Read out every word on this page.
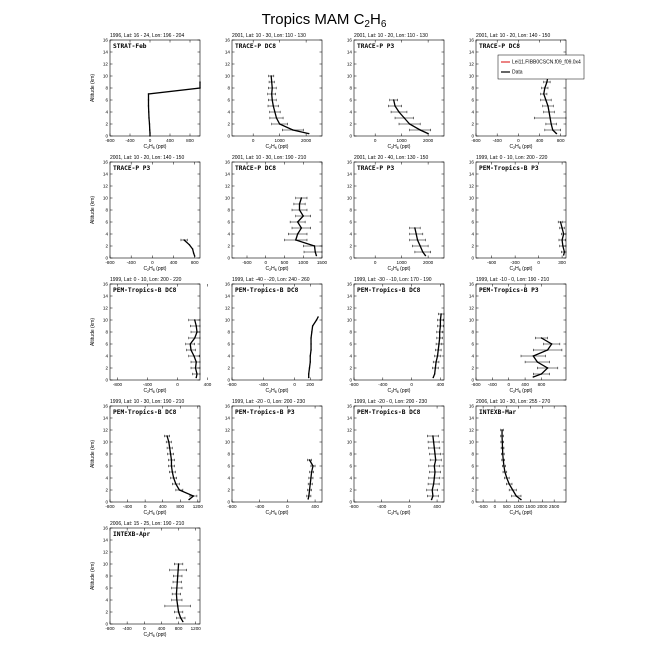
Tropics MAM $C_2H_6$
1996, Lat: 16 - 24, Lon: 196 - 204
STRAT-Feb
0
2
4
6
8
10
12
14
16
-800 -400	0	400	800
$C_2H_6$ (ppt)
Altitude (km)
2001, Lat: 10 - 30, Lon: 110 - 130
TRACE-P DC8
0
2
4
6
8
10
12
14
16
0	1000	2000
$C_2H_6$ (ppt)
2001, Lat: 10 - 20, Lon: 110 - 130
TRACE-P P3
0
2
4
6
8
10
12
14
16
0	1000	2000
$C_2H_6$ (ppt)
2001, Lat: 10 - 20, Lon: 140 - 150
TRACE-P DC8
0
2
4
6
8
10
12
14
16
-800	-400	0	400	800
$C_2H_6$ (ppt)
Lei11.FIBB0CSCN.f09_f09.0x4
Data
2001, Lat: 10 - 20, Lon: 140 - 150
TRACE-P P3
0
2
4
6
8
10
12
14
16
-800	-400	0	400	800
$C_2H_6$ (ppt)
Altitude (km)
2001, Lat: 10 - 30, Lon: 190 - 210
TRACE-P DC8
0
2
4
6
8
10
12
14
16
-500	0	500 1000 1500
$C_2H_6$ (ppt)
2001, Lat: 20 - 40, Lon: 130 - 150
TRACE-P P3
0
2
4
6
8
10
12
14
16
0	1000	2000
$C_2H_6$ (ppt)
1999, Lat: 0 - 10, Lon: 200 - 220
PEM-Tropics-B P3
0
2
4
6
8
10
12
14
16
-600	-300	0	300
$C_2H_6$ (ppt)
1999, Lat: 0 - 10, Lon: 200 - 220
PEM-Tropics-B DC8
0
2
4
6
8
10
12
14
16
-800	-400	0	400
$C_2H_6$ (ppt)
Altitude (km)
1999, Lat: -40 - -20, Lon: 240 - 260
PEM-Tropics-B DC8
0
2
4
6
8
10
12
14
16
-800	-400	0 200
$C_2H_6$ (ppt)
1999, Lat: -30 - -10, Lon: 170 - 190
PEM-Tropics-B DC8
0
2
4
6
8
10
12
14
16
-800	-400	0	400
$C_2H_6$ (ppt)
1999, Lat: -10 - 0, Lon: 190 - 210
PEM-Tropics-B P3
0
2
4
6
8
10
12
14
16
-800 -400 0 400 800
$C_2H_6$ (ppt)
1999, Lat: 10 - 30, Lon: 190 - 210
PEM-Tropics-B DC8
0
2
4
6
8
10
12
14
16
-800 -400	0	400 800 1200
$C_2H_6$ (ppt)
Altitude (km)
1999, Lat: -20 - 0, Lon: 200 - 230
PEM-Tropics-B P3
0
2
4
6
8
10
12
14
16
-800	-400	0	400
$C_2H_6$ (ppt)
1999, Lat: -20 - 0, Lon: 200 - 230
PEM-Tropics-B DC8
0
2
4
6
8
10
12
14
16
-800	-400	0	400
$C_2H_6$ (ppt)
2006, Lat: 10 - 30, Lon: 255 - 270
INTEXB-Mar
0
2
4
6
8
10
12
14
16
-500 0 500 1000 1500 2000 2500
$C_2H_6$ (ppt)
2006, Lat: 15 - 25, Lon: 190 - 210
INTEXB-Apr
0
2
4
6
8
10
12
14
16
-800 -400 0	400 800 1200
$C_2H_6$ (ppt)
Altitude (km)
